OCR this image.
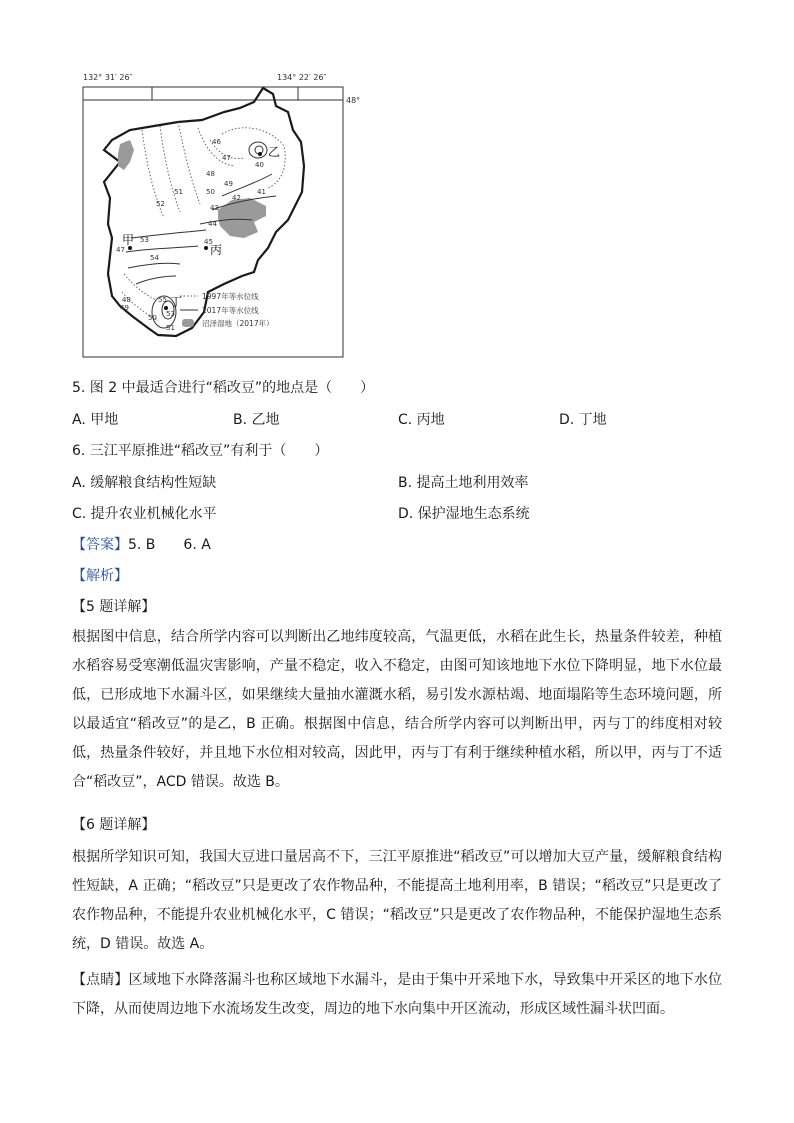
132° 31′ 26″	134° 22′ 26″
48°
46
47
40
48
49
41
51	50
42
52	43
44
53	45
47
54
48
49
50
55
51
53
甲
乙
丙
丁	1997年等水位线
2017年等水位线
沼泽湿地（2017年）
5. 图 2 中最适合进行“稻改豆”的地点是（　　）
A. 甲地	B. 乙地	C. 丙地	D. 丁地
6. 三江平原推进“稻改豆”有利于（　　）
A. 缓解粮食结构性短缺	B. 提高土地利用效率
C. 提升农业机械化水平	D. 保护湿地生态系统
【答案】5. B　　6. A
【解析】
【5 题详解】
根据图中信息，结合所学内容可以判断出乙地纬度较高，气温更低，水稻在此生长，热量条件较差，种植水稻容易受寒潮低温灾害影响，产量不稳定，收入不稳定，由图可知该地地下水位下降明显，地下水位最低，已形成地下水漏斗区，如果继续大量抽水灌溉水稻，易引发水源枯竭、地面塌陷等生态环境问题，所以最适宜“稻改豆”的是乙，B 正确。根据图中信息，结合所学内容可以判断出甲，丙与丁的纬度相对较低，热量条件较好，并且地下水位相对较高，因此甲，丙与丁有利于继续种植水稻，所以甲，丙与丁不适合“稻改豆”，ACD 错误。故选 B。
【6 题详解】
根据所学知识可知，我国大豆进口量居高不下，三江平原推进“稻改豆”可以增加大豆产量，缓解粮食结构性短缺，A 正确；“稻改豆”只是更改了农作物品种，不能提高土地利用率，B 错误；“稻改豆”只是更改了农作物品种，不能提升农业机械化水平，C 错误；“稻改豆”只是更改了农作物品种，不能保护湿地生态系统，D 错误。故选 A。
【点睛】区域地下水降落漏斗也称区域地下水漏斗，是由于集中开采地下水，导致集中开采区的地下水位下降，从而使周边地下水流场发生改变，周边的地下水向集中开区流动，形成区域性漏斗状凹面。
